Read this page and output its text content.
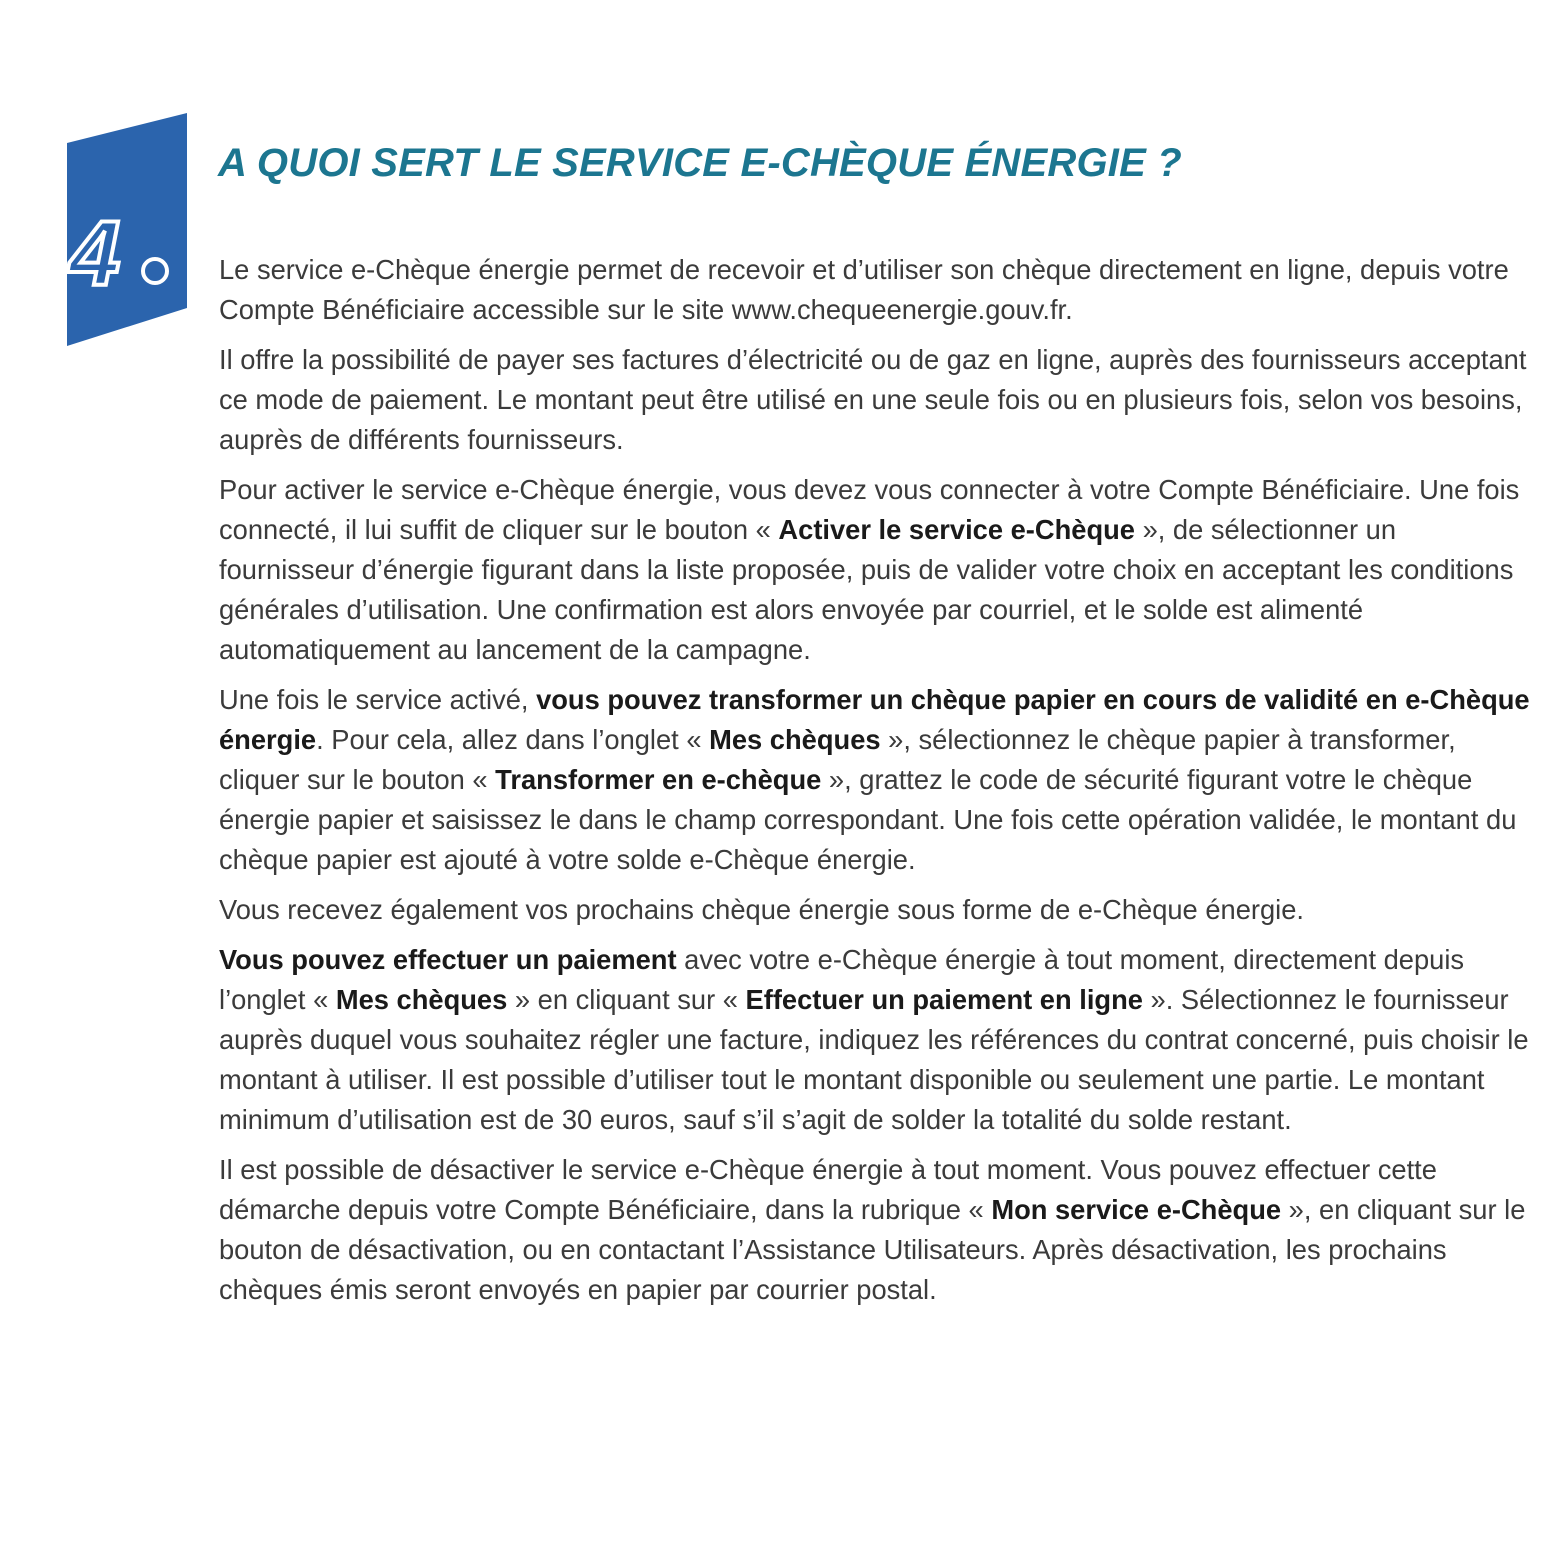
4
A QUOI SERT LE SERVICE E-CHÈQUE ÉNERGIE ?

Le service e-Chèque énergie permet de recevoir et d’utiliser son chèque directement en ligne, depuis votre Compte Bénéficiaire accessible sur le site www.chequeenergie.gouv.fr.

Il offre la possibilité de payer ses factures d’électricité ou de gaz en ligne, auprès des fournisseurs acceptant ce mode de paiement. Le montant peut être utilisé en une seule fois ou en plusieurs fois, selon vos besoins, auprès de différents fournisseurs.

Pour activer le service e-Chèque énergie, vous devez vous connecter à votre Compte Bénéficiaire. Une fois connecté, il lui suffit de cliquer sur le bouton « Activer le service e-Chèque », de sélectionner un fournisseur d’énergie figurant dans la liste proposée, puis de valider votre choix en acceptant les conditions générales d’utilisation. Une confirmation est alors envoyée par courriel, et le solde est alimenté automatiquement au lancement de la campagne.

Une fois le service activé, vous pouvez transformer un chèque papier en cours de validité en e-Chèque énergie. Pour cela, allez dans l’onglet « Mes chèques », sélectionnez le chèque papier à transformer, cliquer sur le bouton « Transformer en e-chèque », grattez le code de sécurité figurant votre le chèque énergie papier et saisissez le dans le champ correspondant. Une fois cette opération validée, le montant du chèque papier est ajouté à votre solde e-Chèque énergie.

Vous recevez également vos prochains chèque énergie sous forme de e-Chèque énergie.

Vous pouvez effectuer un paiement avec votre e-Chèque énergie à tout moment, directement depuis l’onglet « Mes chèques » en cliquant sur « Effectuer un paiement en ligne ». Sélectionnez le fournisseur auprès duquel vous souhaitez régler une facture, indiquez les références du contrat concerné, puis choisir le montant à utiliser. Il est possible d’utiliser tout le montant disponible ou seulement une partie. Le montant minimum d’utilisation est de 30 euros, sauf s’il s’agit de solder la totalité du solde restant.

Il est possible de désactiver le service e-Chèque énergie à tout moment. Vous pouvez effectuer cette démarche depuis votre Compte Bénéficiaire, dans la rubrique « Mon service e-Chèque », en cliquant sur le bouton de désactivation, ou en contactant l’Assistance Utilisateurs. Après désactivation, les prochains chèques émis seront envoyés en papier par courrier postal.
